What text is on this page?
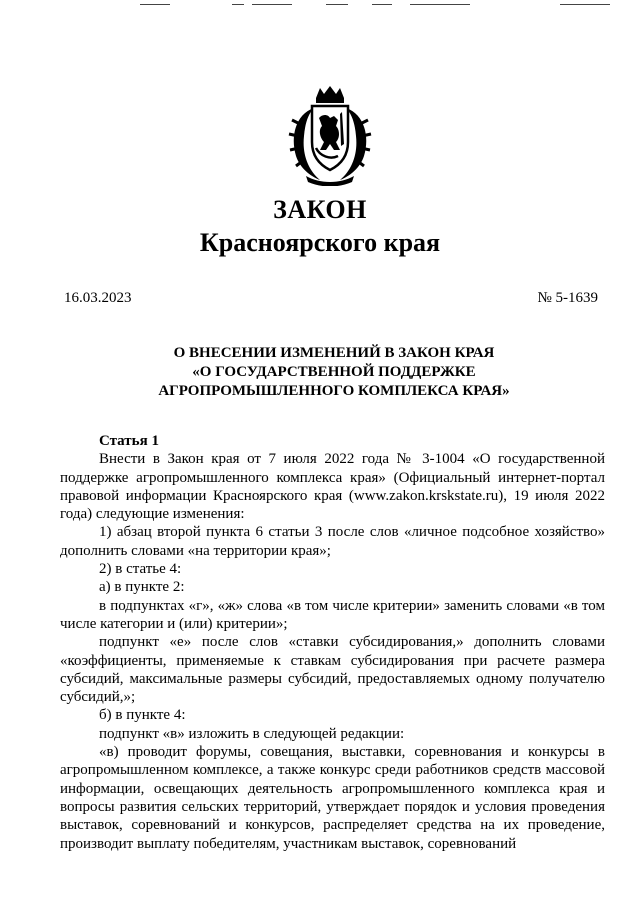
ЗАКОН
Красноярского края
16.03.2023	№ 5-1639
О ВНЕСЕНИИ ИЗМЕНЕНИЙ В ЗАКОН КРАЯ
«О ГОСУДАРСТВЕННОЙ ПОДДЕРЖКЕ
АГРОПРОМЫШЛЕННОГО КОМПЛЕКСА КРАЯ»

Статья 1

Внести в Закон края от 7 июля 2022 года № 3-1004 «О государственной поддержке агропромышленного комплекса края» (Официальный интернет-портал правовой информации Красноярского края (www.zakon.krskstate.ru), 19 июля 2022 года) следующие изменения:

1) абзац второй пункта 6 статьи 3 после слов «личное подсобное хозяйство» дополнить словами «на территории края»;

2) в статье 4:

а) в пункте 2:

в подпунктах «г», «ж» слова «в том числе критерии» заменить словами «в том числе категории и (или) критерии»;

подпункт «е» после слов «ставки субсидирования,» дополнить словами «коэффициенты, применяемые к ставкам субсидирования при расчете размера субсидий, максимальные размеры субсидий, предоставляемых одному получателю субсидий,»;

б) в пункте 4:

подпункт «в» изложить в следующей редакции:

«в) проводит форумы, совещания, выставки, соревнования и конкурсы в агропромышленном комплексе, а также конкурс среди работников средств массовой информации, освещающих деятельность агропромышленного комплекса края и вопросы развития сельских территорий, утверждает порядок и условия проведения выставок, соревнований и конкурсов, распределяет средства на их проведение, производит выплату победителям, участникам выставок, соревнований
